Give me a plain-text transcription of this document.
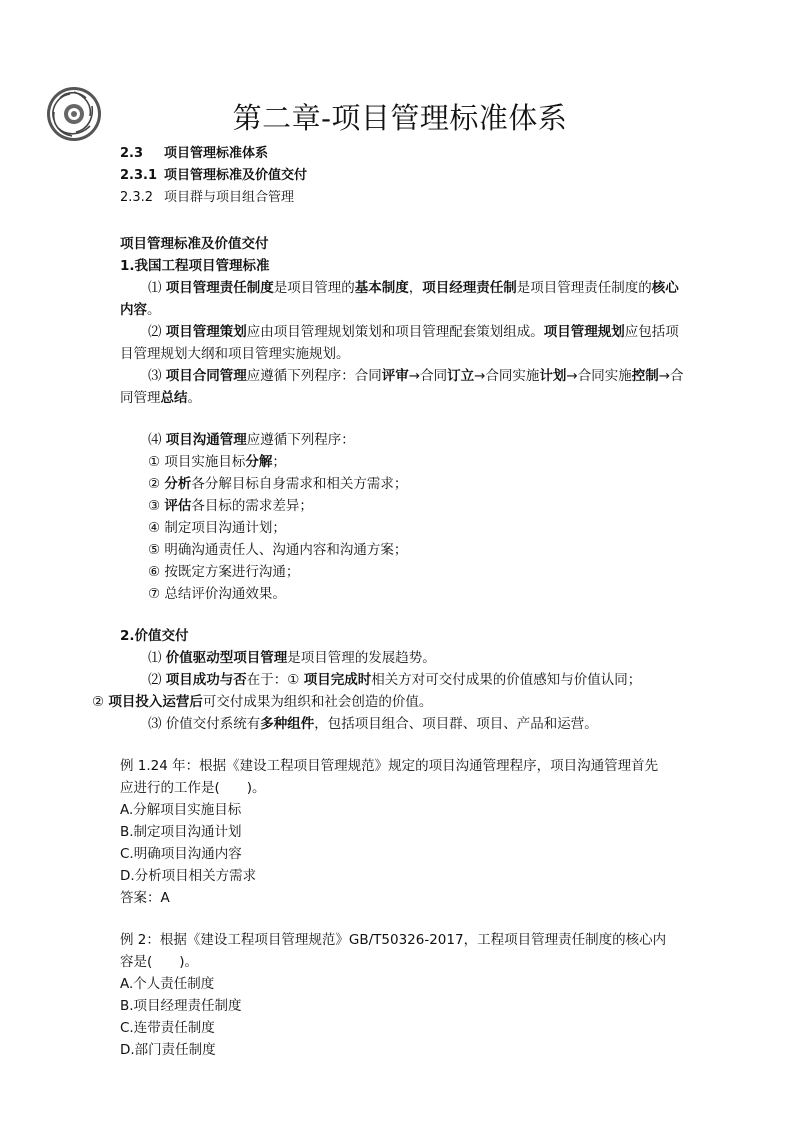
第二章-项目管理标准体系
2.3 项目管理标准体系
2.3.1 项目管理标准及价值交付
2.3.2 项目群与项目组合管理
项目管理标准及价值交付
1.我国工程项目管理标准
⑴ 项目管理责任制度是项目管理的基本制度，项目经理责任制是项目管理责任制度的核心内容。
⑵ 项目管理策划应由项目管理规划策划和项目管理配套策划组成。项目管理规划应包括项目管理规划大纲和项目管理实施规划。
⑶ 项目合同管理应遵循下列程序：合同评审→合同订立→合同实施计划→合同实施控制→合同管理总结。
⑷ 项目沟通管理应遵循下列程序：
① 项目实施目标分解；
② 分析各分解目标自身需求和相关方需求；
③ 评估各目标的需求差异；
④ 制定项目沟通计划；
⑤ 明确沟通责任人、沟通内容和沟通方案；
⑥ 按既定方案进行沟通；
⑦ 总结评价沟通效果。
2.价值交付
⑴ 价值驱动型项目管理是项目管理的发展趋势。
⑵ 项目成功与否在于：① 项目完成时相关方对可交付成果的价值感知与价值认同；
② 项目投入运营后可交付成果为组织和社会创造的价值。
⑶ 价值交付系统有多种组件，包括项目组合、项目群、项目、产品和运营。
例 1.24 年：根据《建设工程项目管理规范》规定的项目沟通管理程序，项目沟通管理首先
应进行的工作是(　　)。
A.分解项目实施目标
B.制定项目沟通计划
C.明确项目沟通内容
D.分析项目相关方需求
答案：A
例 2：根据《建设工程项目管理规范》GB/T50326-2017，工程项目管理责任制度的核心内
容是(　　)。
A.个人责任制度
B.项目经理责任制度
C.连带责任制度
D.部门责任制度
